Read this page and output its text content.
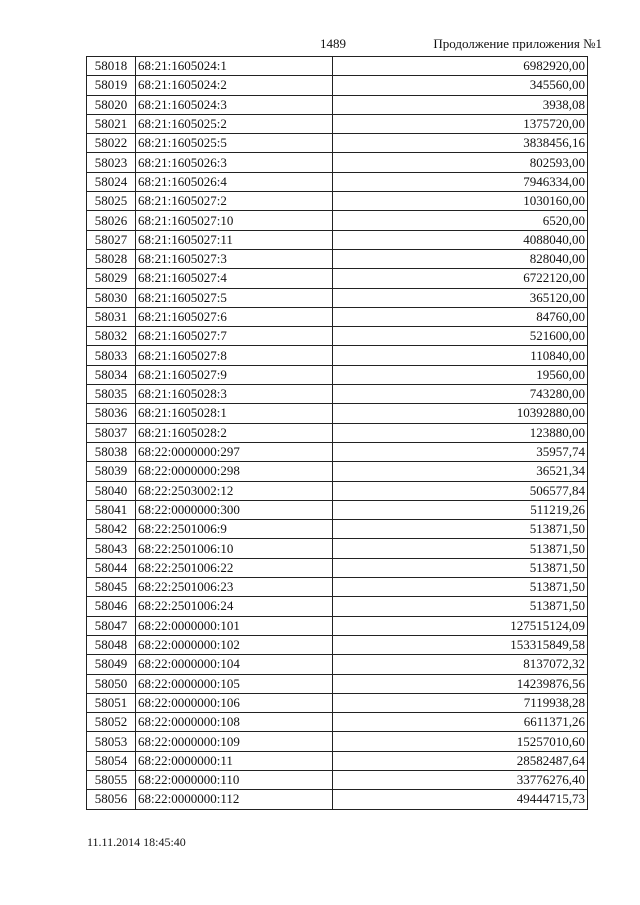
1489	Продолжение приложения №1
58018	68:21:1605024:1	6982920,00
58019	68:21:1605024:2	345560,00
58020	68:21:1605024:3	3938,08
58021	68:21:1605025:2	1375720,00
58022	68:21:1605025:5	3838456,16
58023	68:21:1605026:3	802593,00
58024	68:21:1605026:4	7946334,00
58025	68:21:1605027:2	1030160,00
58026	68:21:1605027:10	6520,00
58027	68:21:1605027:11	4088040,00
58028	68:21:1605027:3	828040,00
58029	68:21:1605027:4	6722120,00
58030	68:21:1605027:5	365120,00
58031	68:21:1605027:6	84760,00
58032	68:21:1605027:7	521600,00
58033	68:21:1605027:8	110840,00
58034	68:21:1605027:9	19560,00
58035	68:21:1605028:3	743280,00
58036	68:21:1605028:1	10392880,00
58037	68:21:1605028:2	123880,00
58038	68:22:0000000:297	35957,74
58039	68:22:0000000:298	36521,34
58040	68:22:2503002:12	506577,84
58041	68:22:0000000:300	511219,26
58042	68:22:2501006:9	513871,50
58043	68:22:2501006:10	513871,50
58044	68:22:2501006:22	513871,50
58045	68:22:2501006:23	513871,50
58046	68:22:2501006:24	513871,50
58047	68:22:0000000:101	127515124,09
58048	68:22:0000000:102	153315849,58
58049	68:22:0000000:104	8137072,32
58050	68:22:0000000:105	14239876,56
58051	68:22:0000000:106	7119938,28
58052	68:22:0000000:108	6611371,26
58053	68:22:0000000:109	15257010,60
58054	68:22:0000000:11	28582487,64
58055	68:22:0000000:110	33776276,40
58056	68:22:0000000:112	49444715,73
11.11.2014 18:45:40
